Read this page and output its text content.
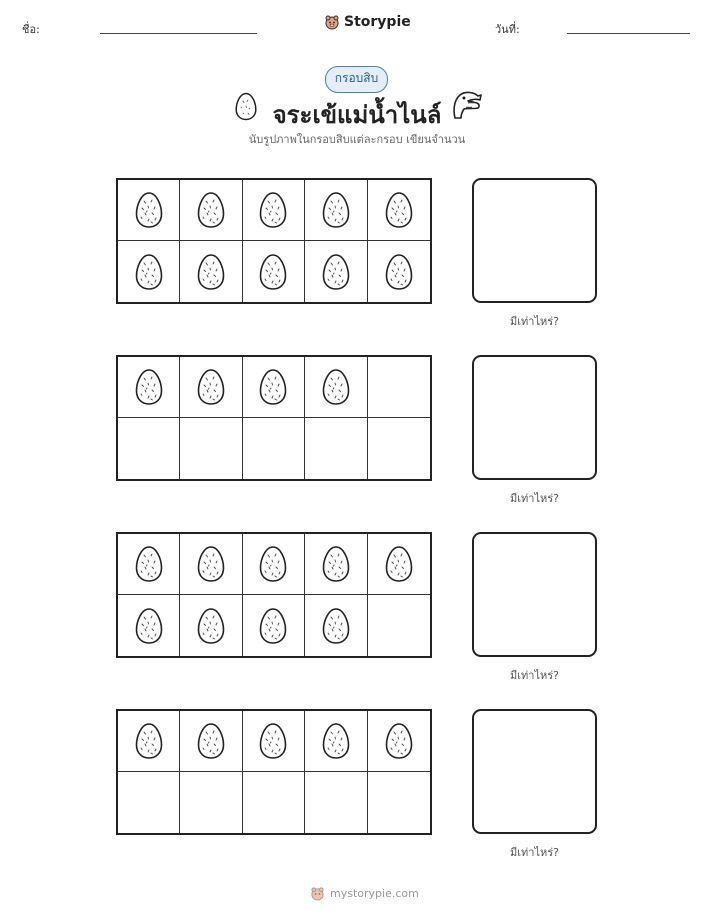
ชื่อ:	Storypie	วันที่:
กรอบสิบ
จระเข้แม่น้ำไนล์
นับรูปภาพในกรอบสิบแต่ละกรอบ เขียนจำนวน
มีเท่าไหร่?
มีเท่าไหร่?
มีเท่าไหร่?
มีเท่าไหร่?
mystorypie.com
